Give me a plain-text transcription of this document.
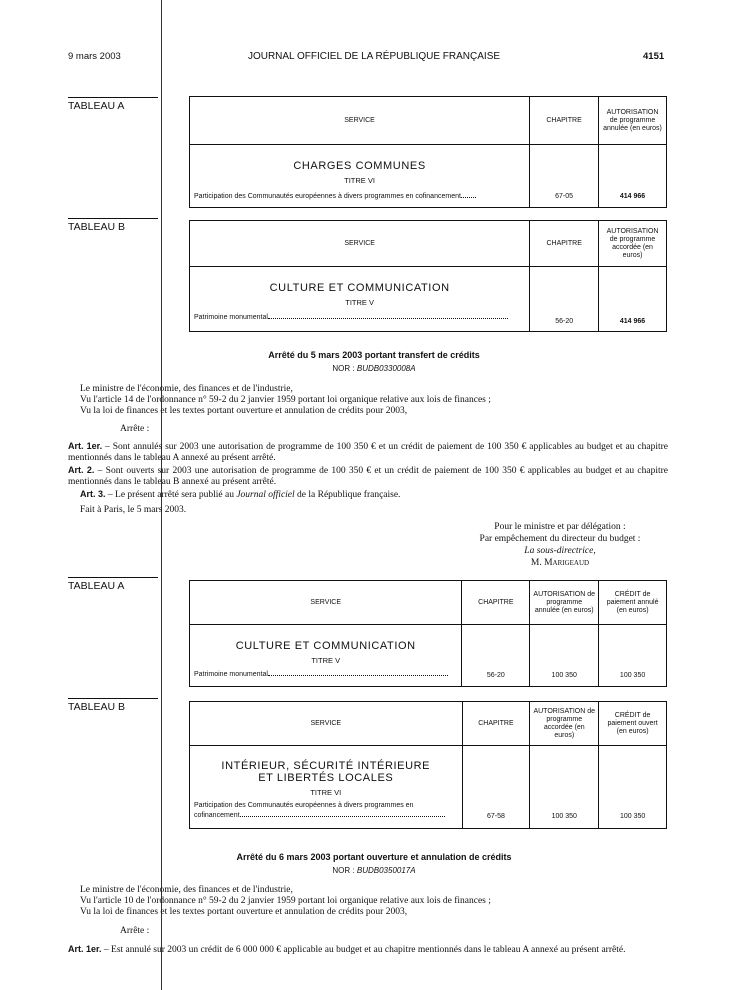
9 mars 2003	JOURNAL OFFICIEL DE LA RÉPUBLIQUE FRANÇAISE	4151
TABLEAU A
SERVICE	CHAPITRE	AUTORISATION de programme annulée (en euros)

CHARGES COMMUNES
TITRE VI
Participation des Communautés européennes à divers programmes en cofinancement	67-05	414 966
TABLEAU B
SERVICE	CHAPITRE	AUTORISATION de programme accordée (en euros)

CULTURE ET COMMUNICATION
TITRE V
Patrimoine monumental	56-20	414 966
Arrêté du 5 mars 2003 portant transfert de crédits
NOR : BUDB0330008A
Le ministre de l'économie, des finances et de l'industrie,
Vu l'article 14 de l'ordonnance n° 59-2 du 2 janvier 1959 portant loi organique relative aux lois de finances ;
Vu la loi de finances et les textes portant ouverture et annulation de crédits pour 2003,
Arrête :
Art. 1er. – Sont annulés sur 2003 une autorisation de programme de 100 350 € et un crédit de paiement de 100 350 € applicables au budget et au chapitre mentionnés dans le tableau A annexé au présent arrêté.
Art. 2. – Sont ouverts sur 2003 une autorisation de programme de 100 350 € et un crédit de paiement de 100 350 € applicables au budget et au chapitre mentionnés dans le tableau B annexé au présent arrêté.
Art. 3. – Le présent arrêté sera publié au Journal officiel de la République française.
Fait à Paris, le 5 mars 2003.
Pour le ministre et par délégation :
Par empêchement du directeur du budget :
La sous-directrice,
M. Marigeaud
TABLEAU A
SERVICE	CHAPITRE	AUTORISATION de programme annulée (en euros)	CRÉDIT de paiement annulé (en euros)

CULTURE ET COMMUNICATION
TITRE V
Patrimoine monumental	56-20	100 350	100 350
TABLEAU B
SERVICE	CHAPITRE	AUTORISATION de programme accordée (en euros)	CRÉDIT de paiement ouvert (en euros)

INTÉRIEUR, SÉCURITÉ INTÉRIEURE
ET LIBERTÉS LOCALES
TITRE VI
Participation des Communautés européennes à divers programmes en
cofinancement	67-58	100 350	100 350
Arrêté du 6 mars 2003 portant ouverture et annulation de crédits
NOR : BUDB0350017A
Le ministre de l'économie, des finances et de l'industrie,
Vu l'article 10 de l'ordonnance n° 59-2 du 2 janvier 1959 portant loi organique relative aux lois de finances ;
Vu la loi de finances et les textes portant ouverture et annulation de crédits pour 2003,
Arrête :
Art. 1er. – Est annulé sur 2003 un crédit de 6 000 000 € applicable au budget et au chapitre mentionnés dans le tableau A annexé au présent arrêté.
